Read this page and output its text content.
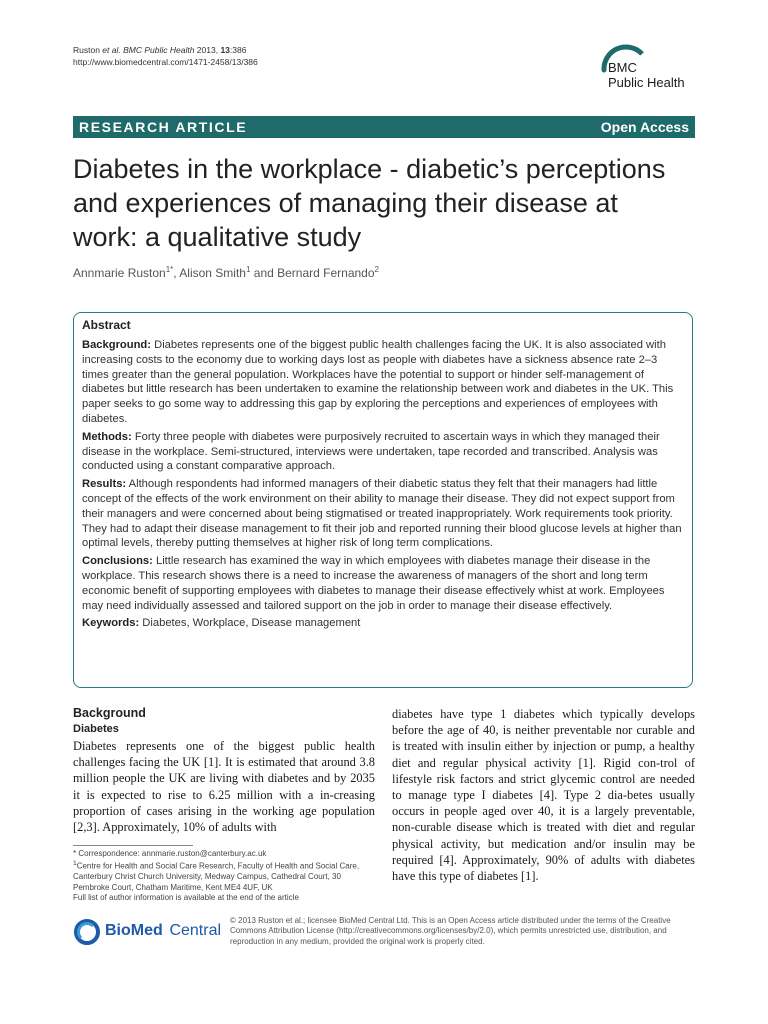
Ruston et al. BMC Public Health 2013, 13:386
http://www.biomedcentral.com/1471-2458/13/386	BMC
Public Health
RESEARCH ARTICLE	Open Access
Diabetes in the workplace - diabetic’s perceptions
and experiences of managing their disease at
work: a qualitative study
Annmarie Ruston$^{1*}$, Alison Smith$^1$ and Bernard Fernando$^2$
Abstract

Background: Diabetes represents one of the biggest public health challenges facing the UK. It is also associated with increasing costs to the economy due to working days lost as people with diabetes have a sickness absence rate 2–3 times greater than the general population. Workplaces have the potential to support or hinder self-management of diabetes but little research has been undertaken to examine the relationship between work and diabetes in the UK. This paper seeks to go some way to addressing this gap by exploring the perceptions and experiences of employees with diabetes.

Methods: Forty three people with diabetes were purposively recruited to ascertain ways in which they managed their disease in the workplace. Semi-structured, interviews were undertaken, tape recorded and transcribed. Analysis was conducted using a constant comparative approach.

Results: Although respondents had informed managers of their diabetic status they felt that their managers had little concept of the effects of the work environment on their ability to manage their disease. They did not expect support from their managers and were concerned about being stigmatised or treated inappropriately. Work requirements took priority. They had to adapt their disease management to fit their job and reported running their blood glucose levels at higher than optimal levels, thereby putting themselves at higher risk of long term complications.

Conclusions: Little research has examined the way in which employees with diabetes manage their disease in the workplace. This research shows there is a need to increase the awareness of managers of the short and long term economic benefit of supporting employees with diabetes to manage their disease effectively whist at work. Employees may need individually assessed and tailored support on the job in order to manage their disease effectively.

Keywords: Diabetes, Workplace, Disease management

Background
Diabetes

Diabetes represents one of the biggest public health challenges facing the UK [1]. It is estimated that around 3.8 million people the UK are living with diabetes and by 2035 it is expected to rise to 6.25 million with a in-creasing proportion of cases arising in the working age population [2,3]. Approximately, 10% of adults with

diabetes have type 1 diabetes which typically develops before the age of 40, is neither preventable nor curable and is treated with insulin either by injection or pump, a healthy diet and regular physical activity [1]. Rigid con-trol of lifestyle risk factors and strict glycemic control are needed to manage type I diabetes [4]. Type 2 dia-betes usually occurs in people aged over 40, it is a largely preventable, non-curable disease which is treated with diet and regular physical activity, but medication and/or insulin may be required [4]. Approximately, 90% of adults with diabetes have this type of diabetes [1].

* Correspondence: annmarie.ruston@canterbury.ac.uk

$^1$Centre for Health and Social Care Research, Faculty of Health and Social Care, Canterbury Christ Church University, Medway Campus, Cathedral Court, 30 Pembroke Court, Chatham Maritime, Kent ME4 4UF, UK

Full list of author information is available at the end of the article

BioMed Central
© 2013 Ruston et al.; licensee BioMed Central Ltd. This is an Open Access article distributed under the terms of the Creative Commons Attribution License (http://creativecommons.org/licenses/by/2.0), which permits unrestricted use, distribution, and reproduction in any medium, provided the original work is properly cited.
